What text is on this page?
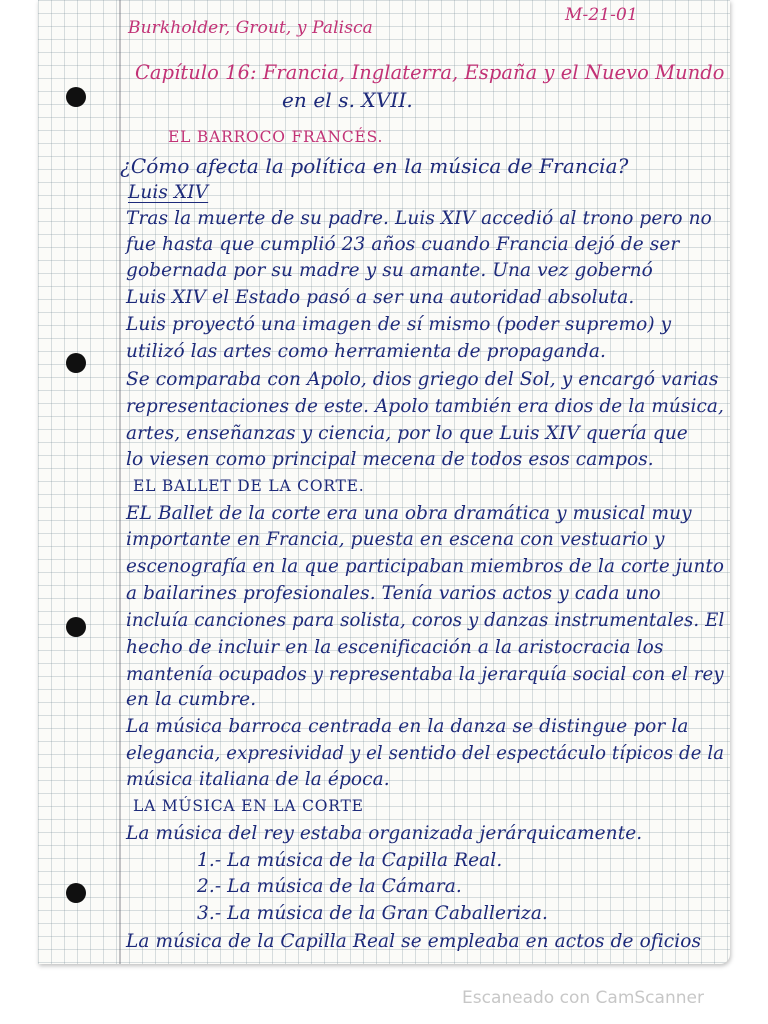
Burkholder, Grout, y Palisca
M-21-01
Capítulo 16: Francia, Inglaterra, España y el Nuevo Mundo
en el s. XVII.
EL BARROCO FRANCÉS.
¿Cómo afecta la política en la música de Francia?
Luis XIV
Tras la muerte de su padre. Luis XIV accedió al trono pero no
fue hasta que cumplió 23 años cuando Francia dejó de ser
gobernada por su madre y su amante. Una vez gobernó
Luis XIV el Estado pasó a ser una autoridad absoluta.
Luis proyectó una imagen de sí mismo (poder supremo) y
utilizó las artes como herramienta de propaganda.
Se comparaba con Apolo, dios griego del Sol, y encargó varias
representaciones de este. Apolo también era dios de la música,
artes, enseñanzas y ciencia, por lo que Luis XIV quería que
lo viesen como principal mecena de todos esos campos.
EL BALLET DE LA CORTE.
EL Ballet de la corte era una obra dramática y musical muy
importante en Francia, puesta en escena con vestuario y
escenografía en la que participaban miembros de la corte junto
a bailarines profesionales. Tenía varios actos y cada uno
incluía canciones para solista, coros y danzas instrumentales. El
hecho de incluir en la escenificación a la aristocracia los
mantenía ocupados y representaba la jerarquía social con el rey
en la cumbre.
La música barroca centrada en la danza se distingue por la
elegancia, expresividad y el sentido del espectáculo típicos de la
música italiana de la época.
LA MÚSICA EN LA CORTE
La música del rey estaba organizada jerárquicamente.
1.- La música de la Capilla Real.
2.- La música de la Cámara.
3.- La música de la Gran Caballeriza.
La música de la Capilla Real se empleaba en actos de oficios
Escaneado con CamScanner
